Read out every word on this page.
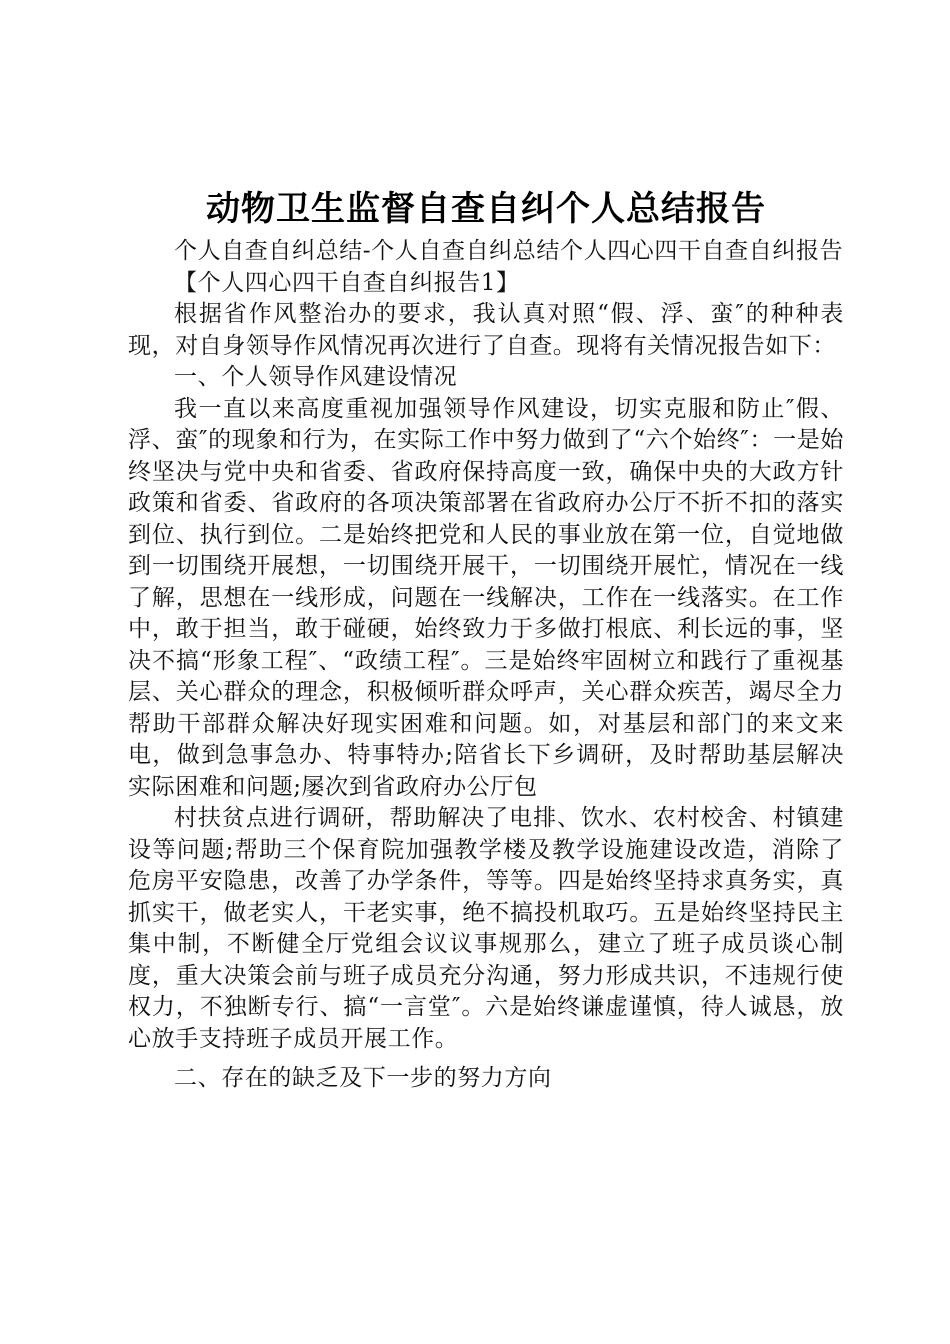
动物卫生监督自查自纠个人总结报告

个人自查自纠总结-个人自查自纠总结个人四心四干自查自纠报告

【个人四心四干自查自纠报告1】

根据省作风整治办的要求，我认真对照“假、浮、蛮″的种种表现，对自身领导作风情况再次进行了自查。现将有关情况报告如下：

一、个人领导作风建设情况

我一直以来高度重视加强领导作风建设，切实克服和防止″假、浮、蛮″的现象和行为，在实际工作中努力做到了“六个始终″：一是始终坚决与党中央和省委、省政府保持高度一致，确保中央的大政方针政策和省委、省政府的各项决策部署在省政府办公厅不折不扣的落实到位、执行到位。二是始终把党和人民的事业放在第一位，自觉地做到一切围绕开展想，一切围绕开展干，一切围绕开展忙，情况在一线了解，思想在一线形成，问题在一线解决，工作在一线落实。在工作中，敢于担当，敢于碰硬，始终致力于多做打根底、利长远的事，坚决不搞“形象工程″、“政绩工程″。三是始终牢固树立和践行了重视基层、关心群众的理念，积极倾听群众呼声，关心群众疾苦，竭尽全力帮助干部群众解决好现实困难和问题。如，对基层和部门的来文来电，做到急事急办、特事特办;陪省长下乡调研，及时帮助基层解决实际困难和问题;屡次到省政府办公厅包

村扶贫点进行调研，帮助解决了电排、饮水、农村校舍、村镇建设等问题;帮助三个保育院加强教学楼及教学设施建设改造，消除了危房平安隐患，改善了办学条件，等等。四是始终坚持求真务实，真抓实干，做老实人，干老实事，绝不搞投机取巧。五是始终坚持民主集中制，不断健全厅党组会议议事规那么，建立了班子成员谈心制度，重大决策会前与班子成员充分沟通，努力形成共识，不违规行使权力，不独断专行、搞“一言堂″。六是始终谦虚谨慎，待人诚恳，放心放手支持班子成员开展工作。

二、存在的缺乏及下一步的努力方向
